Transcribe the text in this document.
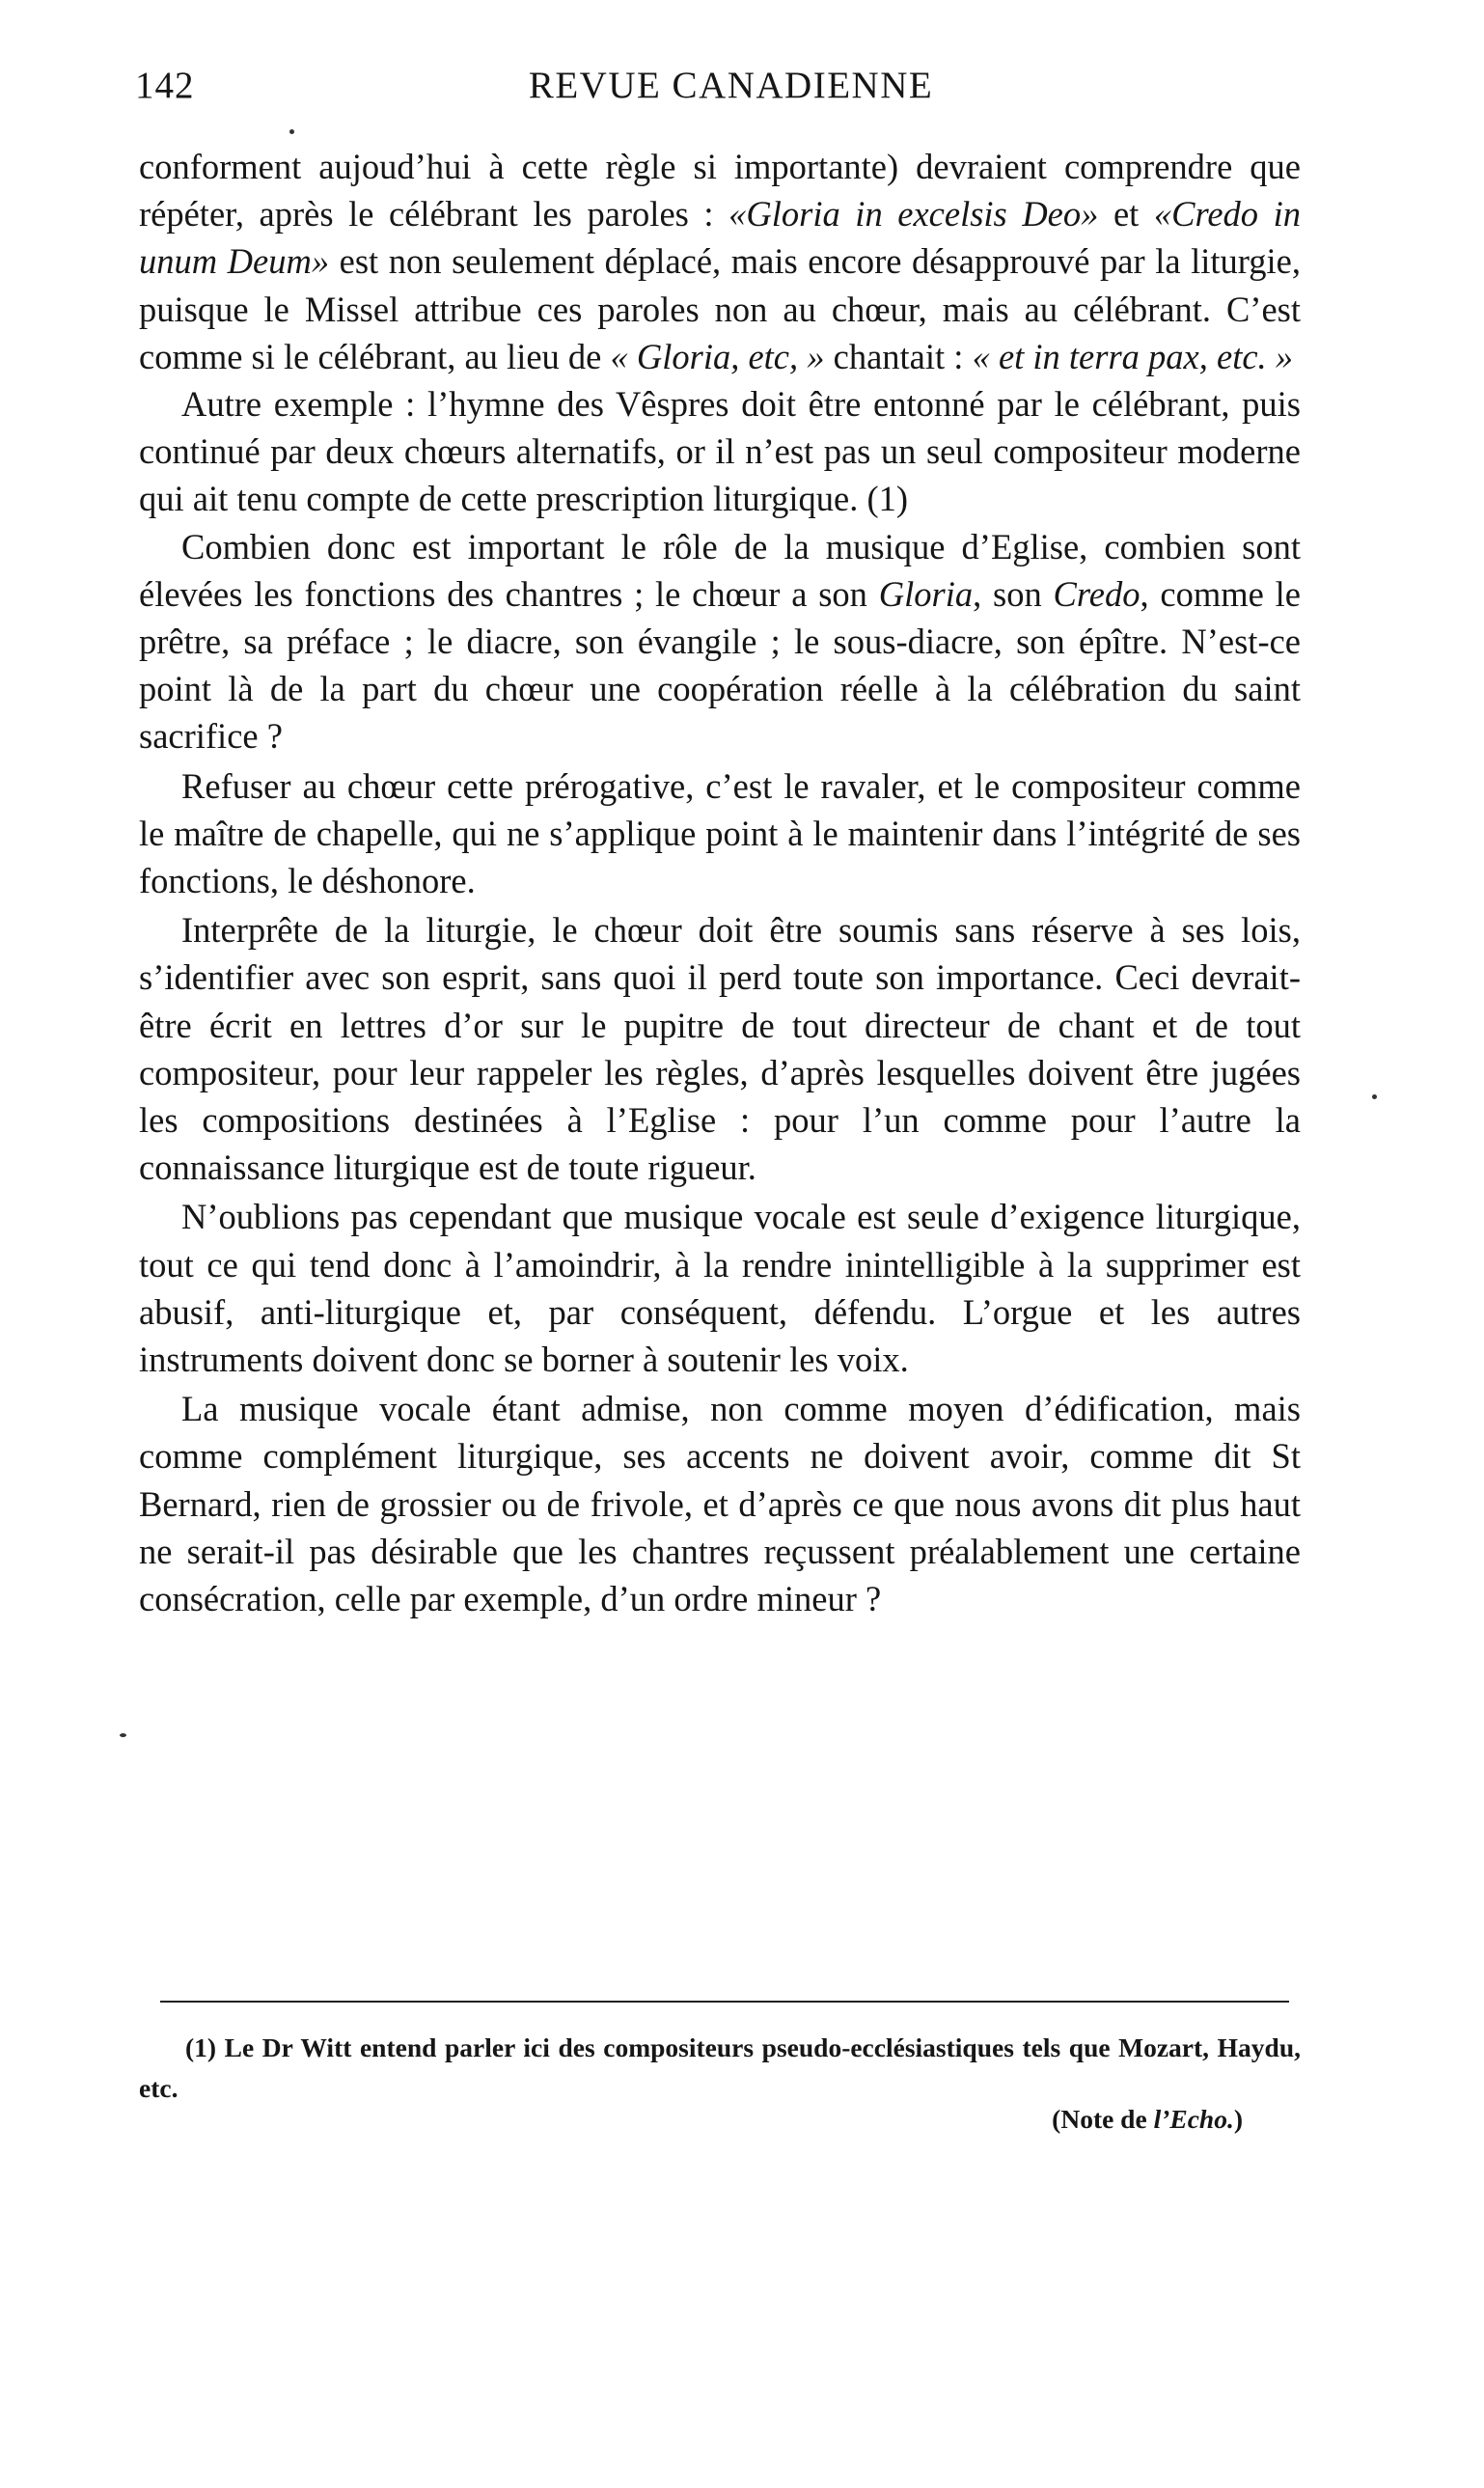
142	REVUE CANADIENNE

conforment aujoud’hui à cette règle si importante) devraient comprendre que répéter, après le célébrant les paroles : «Gloria in excelsis Deo» et «Credo in unum Deum» est non seulement déplacé, mais encore désapprouvé par la liturgie, puisque le Missel attribue ces paroles non au chœur, mais au célébrant. C’est comme si le célébrant, au lieu de « Gloria, etc, » chantait : « et in terra pax, etc. »

Autre exemple : l’hymne des Vêspres doit être entonné par le célébrant, puis continué par deux chœurs alternatifs, or il n’est pas un seul compositeur moderne qui ait tenu compte de cette prescription liturgique. (1)

Combien donc est important le rôle de la musique d’Eglise, combien sont élevées les fonctions des chantres ; le chœur a son Gloria, son Credo, comme le prêtre, sa préface ; le diacre, son évangile ; le sous-diacre, son épître. N’est-ce point là de la part du chœur une coopération réelle à la célébration du saint sacrifice ?

Refuser au chœur cette prérogative, c’est le ravaler, et le compositeur comme le maître de chapelle, qui ne s’applique point à le maintenir dans l’intégrité de ses fonctions, le déshonore.

Interprête de la liturgie, le chœur doit être soumis sans réserve à ses lois, s’identifier avec son esprit, sans quoi il perd toute son importance. Ceci devrait-être écrit en lettres d’or sur le pupitre de tout directeur de chant et de tout compositeur, pour leur rappeler les règles, d’après lesquelles doivent être jugées les compositions destinées à l’Eglise : pour l’un comme pour l’autre la connaissance liturgique est de toute rigueur.

N’oublions pas cependant que musique vocale est seule d’exigence liturgique, tout ce qui tend donc à l’amoindrir, à la rendre inintelligible à la supprimer est abusif, anti-liturgique et, par conséquent, défendu. L’orgue et les autres instruments doivent donc se borner à soutenir les voix.

La musique vocale étant admise, non comme moyen d’édification, mais comme complément liturgique, ses accents ne doivent avoir, comme dit St Bernard, rien de grossier ou de frivole, et d’après ce que nous avons dit plus haut ne serait-il pas désirable que les chantres reçussent préalablement une certaine consécration, celle par exemple, d’un ordre mineur ?

(1) Le Dr Witt entend parler ici des compositeurs pseudo-ecclésiastiques tels que Mozart, Haydu, etc.

(Note de l’Echo.)
